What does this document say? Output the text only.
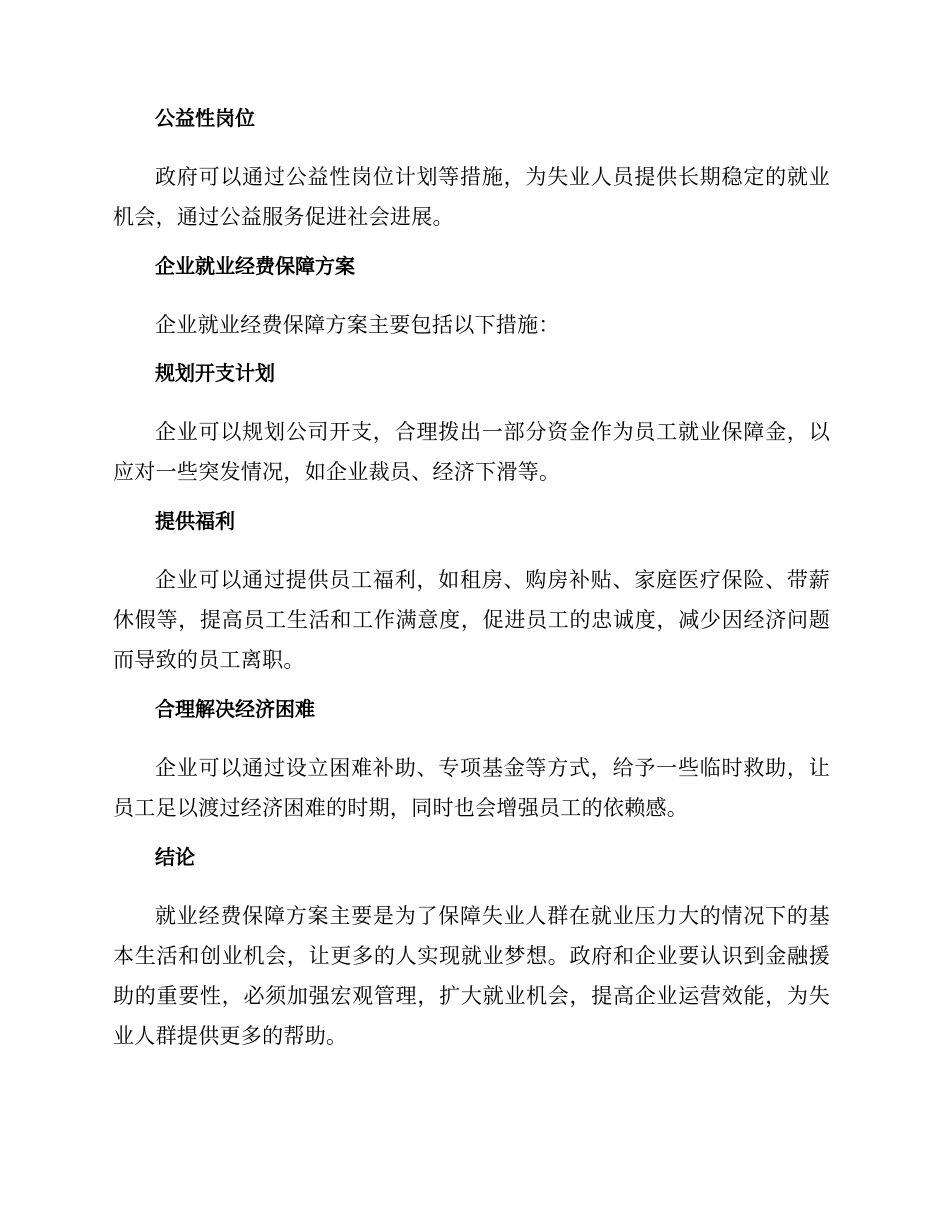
公益性岗位
政府可以通过公益性岗位计划等措施，为失业人员提供长期稳定的就业机会，通过公益服务促进社会进展。
企业就业经费保障方案
企业就业经费保障方案主要包括以下措施：
规划开支计划
企业可以规划公司开支，合理拨出一部分资金作为员工就业保障金，以应对一些突发情况，如企业裁员、经济下滑等。
提供福利
企业可以通过提供员工福利，如租房、购房补贴、家庭医疗保险、带薪休假等，提高员工生活和工作满意度，促进员工的忠诚度，减少因经济问题而导致的员工离职。
合理解决经济困难
企业可以通过设立困难补助、专项基金等方式，给予一些临时救助，让员工足以渡过经济困难的时期，同时也会增强员工的依赖感。
结论
就业经费保障方案主要是为了保障失业人群在就业压力大的情况下的基本生活和创业机会，让更多的人实现就业梦想。政府和企业要认识到金融援助的重要性，必须加强宏观管理，扩大就业机会，提高企业运营效能，为失业人群提供更多的帮助。
